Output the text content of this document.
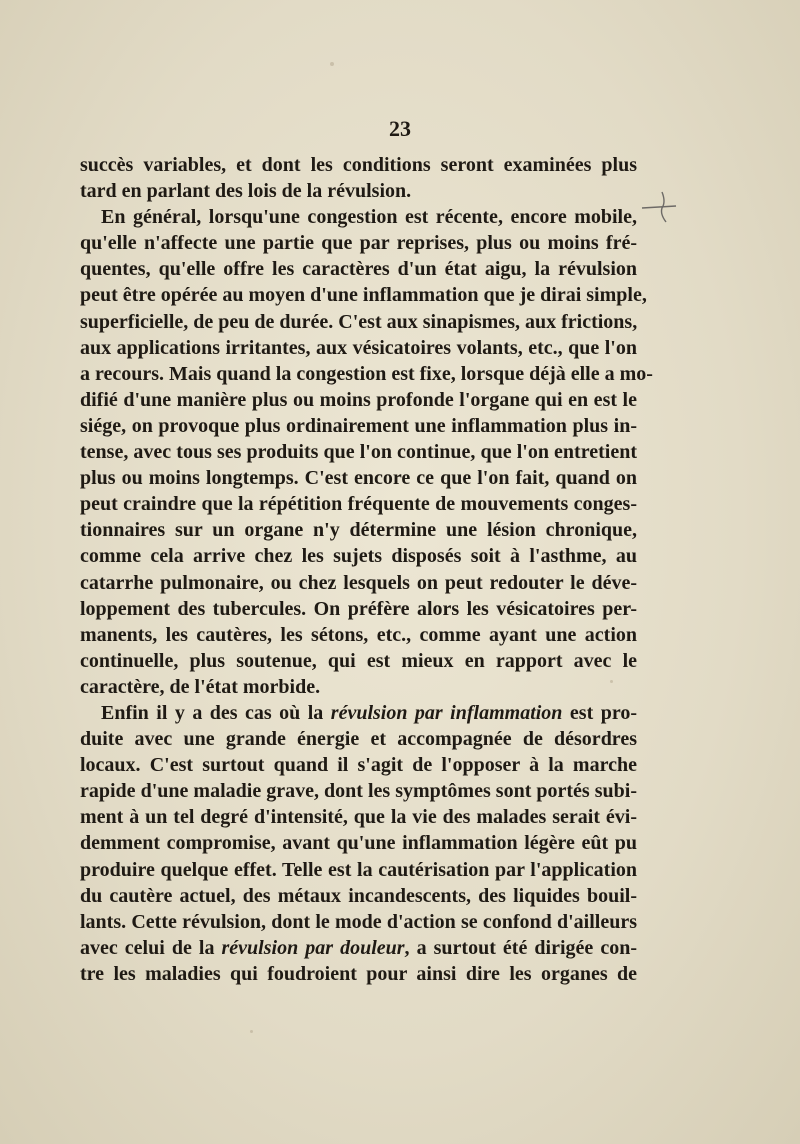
23
succès variables, et dont les conditions seront examinées plus
tard en parlant des lois de la révulsion.
En général, lorsqu'une congestion est récente, encore mobile,
qu'elle n'affecte une partie que par reprises, plus ou moins fré-
quentes, qu'elle offre les caractères d'un état aigu, la révulsion
peut être opérée au moyen d'une inflammation que je dirai simple,
superficielle, de peu de durée. C'est aux sinapismes, aux frictions,
aux applications irritantes, aux vésicatoires volants, etc., que l'on
a recours. Mais quand la congestion est fixe, lorsque déjà elle a mo-
difié d'une manière plus ou moins profonde l'organe qui en est le
siége, on provoque plus ordinairement une inflammation plus in-
tense, avec tous ses produits que l'on continue, que l'on entretient
plus ou moins longtemps. C'est encore ce que l'on fait, quand on
peut craindre que la répétition fréquente de mouvements conges-
tionnaires sur un organe n'y détermine une lésion chronique,
comme cela arrive chez les sujets disposés soit à l'asthme, au
catarrhe pulmonaire, ou chez lesquels on peut redouter le déve-
loppement des tubercules. On préfère alors les vésicatoires per-
manents, les cautères, les sétons, etc., comme ayant une action
continuelle, plus soutenue, qui est mieux en rapport avec le
caractère, de l'état morbide.
Enfin il y a des cas où la révulsion par inflammation est pro-
duite avec une grande énergie et accompagnée de désordres
locaux. C'est surtout quand il s'agit de l'opposer à la marche
rapide d'une maladie grave, dont les symptômes sont portés subi-
ment à un tel degré d'intensité, que la vie des malades serait évi-
demment compromise, avant qu'une inflammation légère eût pu
produire quelque effet. Telle est la cautérisation par l'application
du cautère actuel, des métaux incandescents, des liquides bouil-
lants. Cette révulsion, dont le mode d'action se confond d'ailleurs
avec celui de la révulsion par douleur, a surtout été dirigée con-
tre les maladies qui foudroient pour ainsi dire les organes de
